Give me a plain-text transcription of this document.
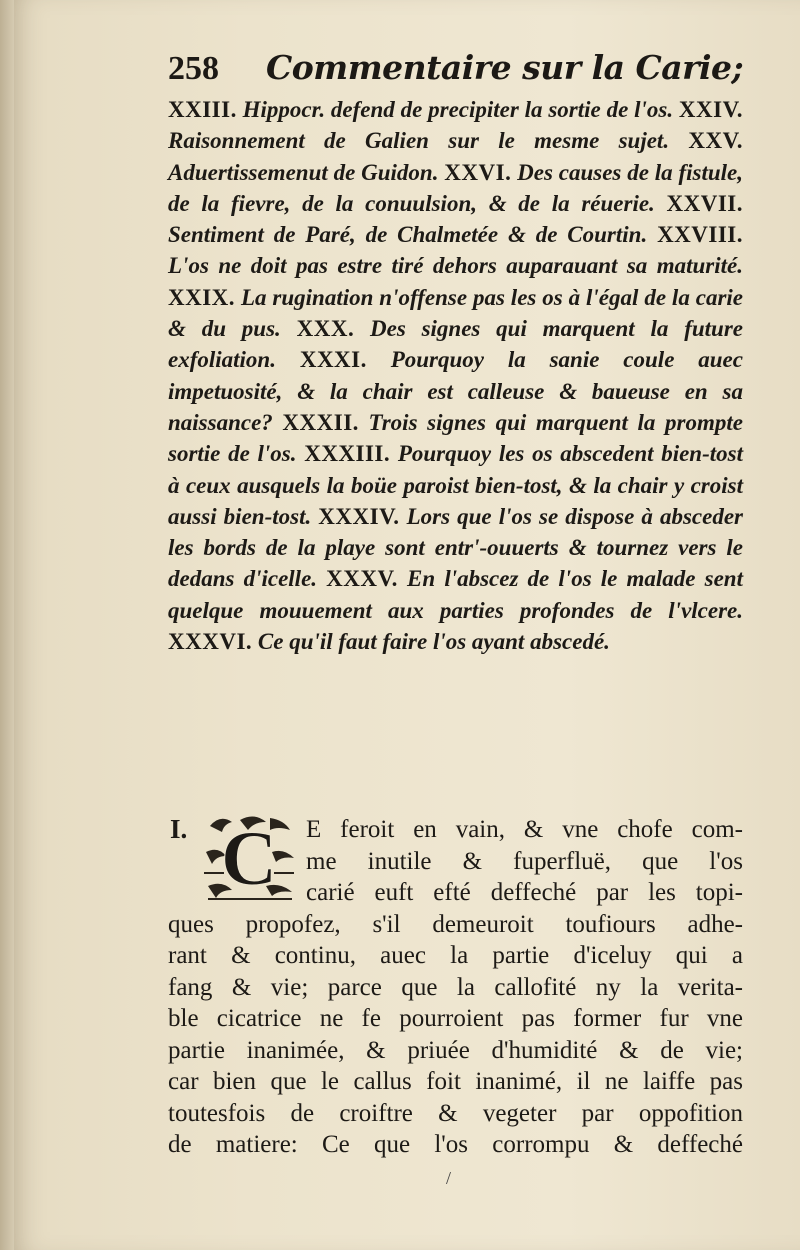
258 Commentaire sur la Carie;
XXIII. Hippocr. defend de precipiter la sortie de l'os. XXIV. Raisonnement de Galien sur le mesme sujet. XXV. Aduertissemenut de Guidon. XXVI. Des causes de la fistule, de la fievre, de la conuulsion, & de la réuerie. XXVII. Sentiment de Paré, de Chalmetée & de Courtin. XXVIII. L'os ne doit pas estre tiré dehors auparauant sa maturité. XXIX. La rugination n'offense pas les os à l'égal de la carie & du pus. XXX. Des signes qui marquent la future exfoliation. XXXI. Pourquoy la sanie coule auec impetuosité, & la chair est calleuse & baueuse en sa naissance? XXXII. Trois signes qui marquent la prompte sortie de l'os. XXXIII. Pourquoy les os abscedent bien-tost à ceux ausquels la boüe paroist bien-tost, & la chair y croist aussi bien-tost. XXXIV. Lors que l'os se dispose à absceder les bords de la playe sont entr'-ouuerts & tournez vers le dedans d'icelle. XXXV. En l'abscez de l'os le malade sent quelque mouuement aux parties profondes de l'vlcere. XXXVI. Ce qu'il faut faire l'os ayant abscedé.
I. C E feroit en vain, & vne chofe com-
me inutile & fuperfluë, que l'os
carié euft efté deffeché par les topi-
ques propofez, s'il demeuroit toufiours adhe-
rant & continu, auec la partie d'iceluy qui a
fang & vie; parce que la callofité ny la verita-
ble cicatrice ne fe pourroient pas former fur vne
partie inanimée, & priuée d'humidité & de vie;
car bien que le callus foit inanimé, il ne laiffe pas
toutesfois de croiftre & vegeter par oppofition
de matiere: Ce que l'os corrompu & deffeché
/
